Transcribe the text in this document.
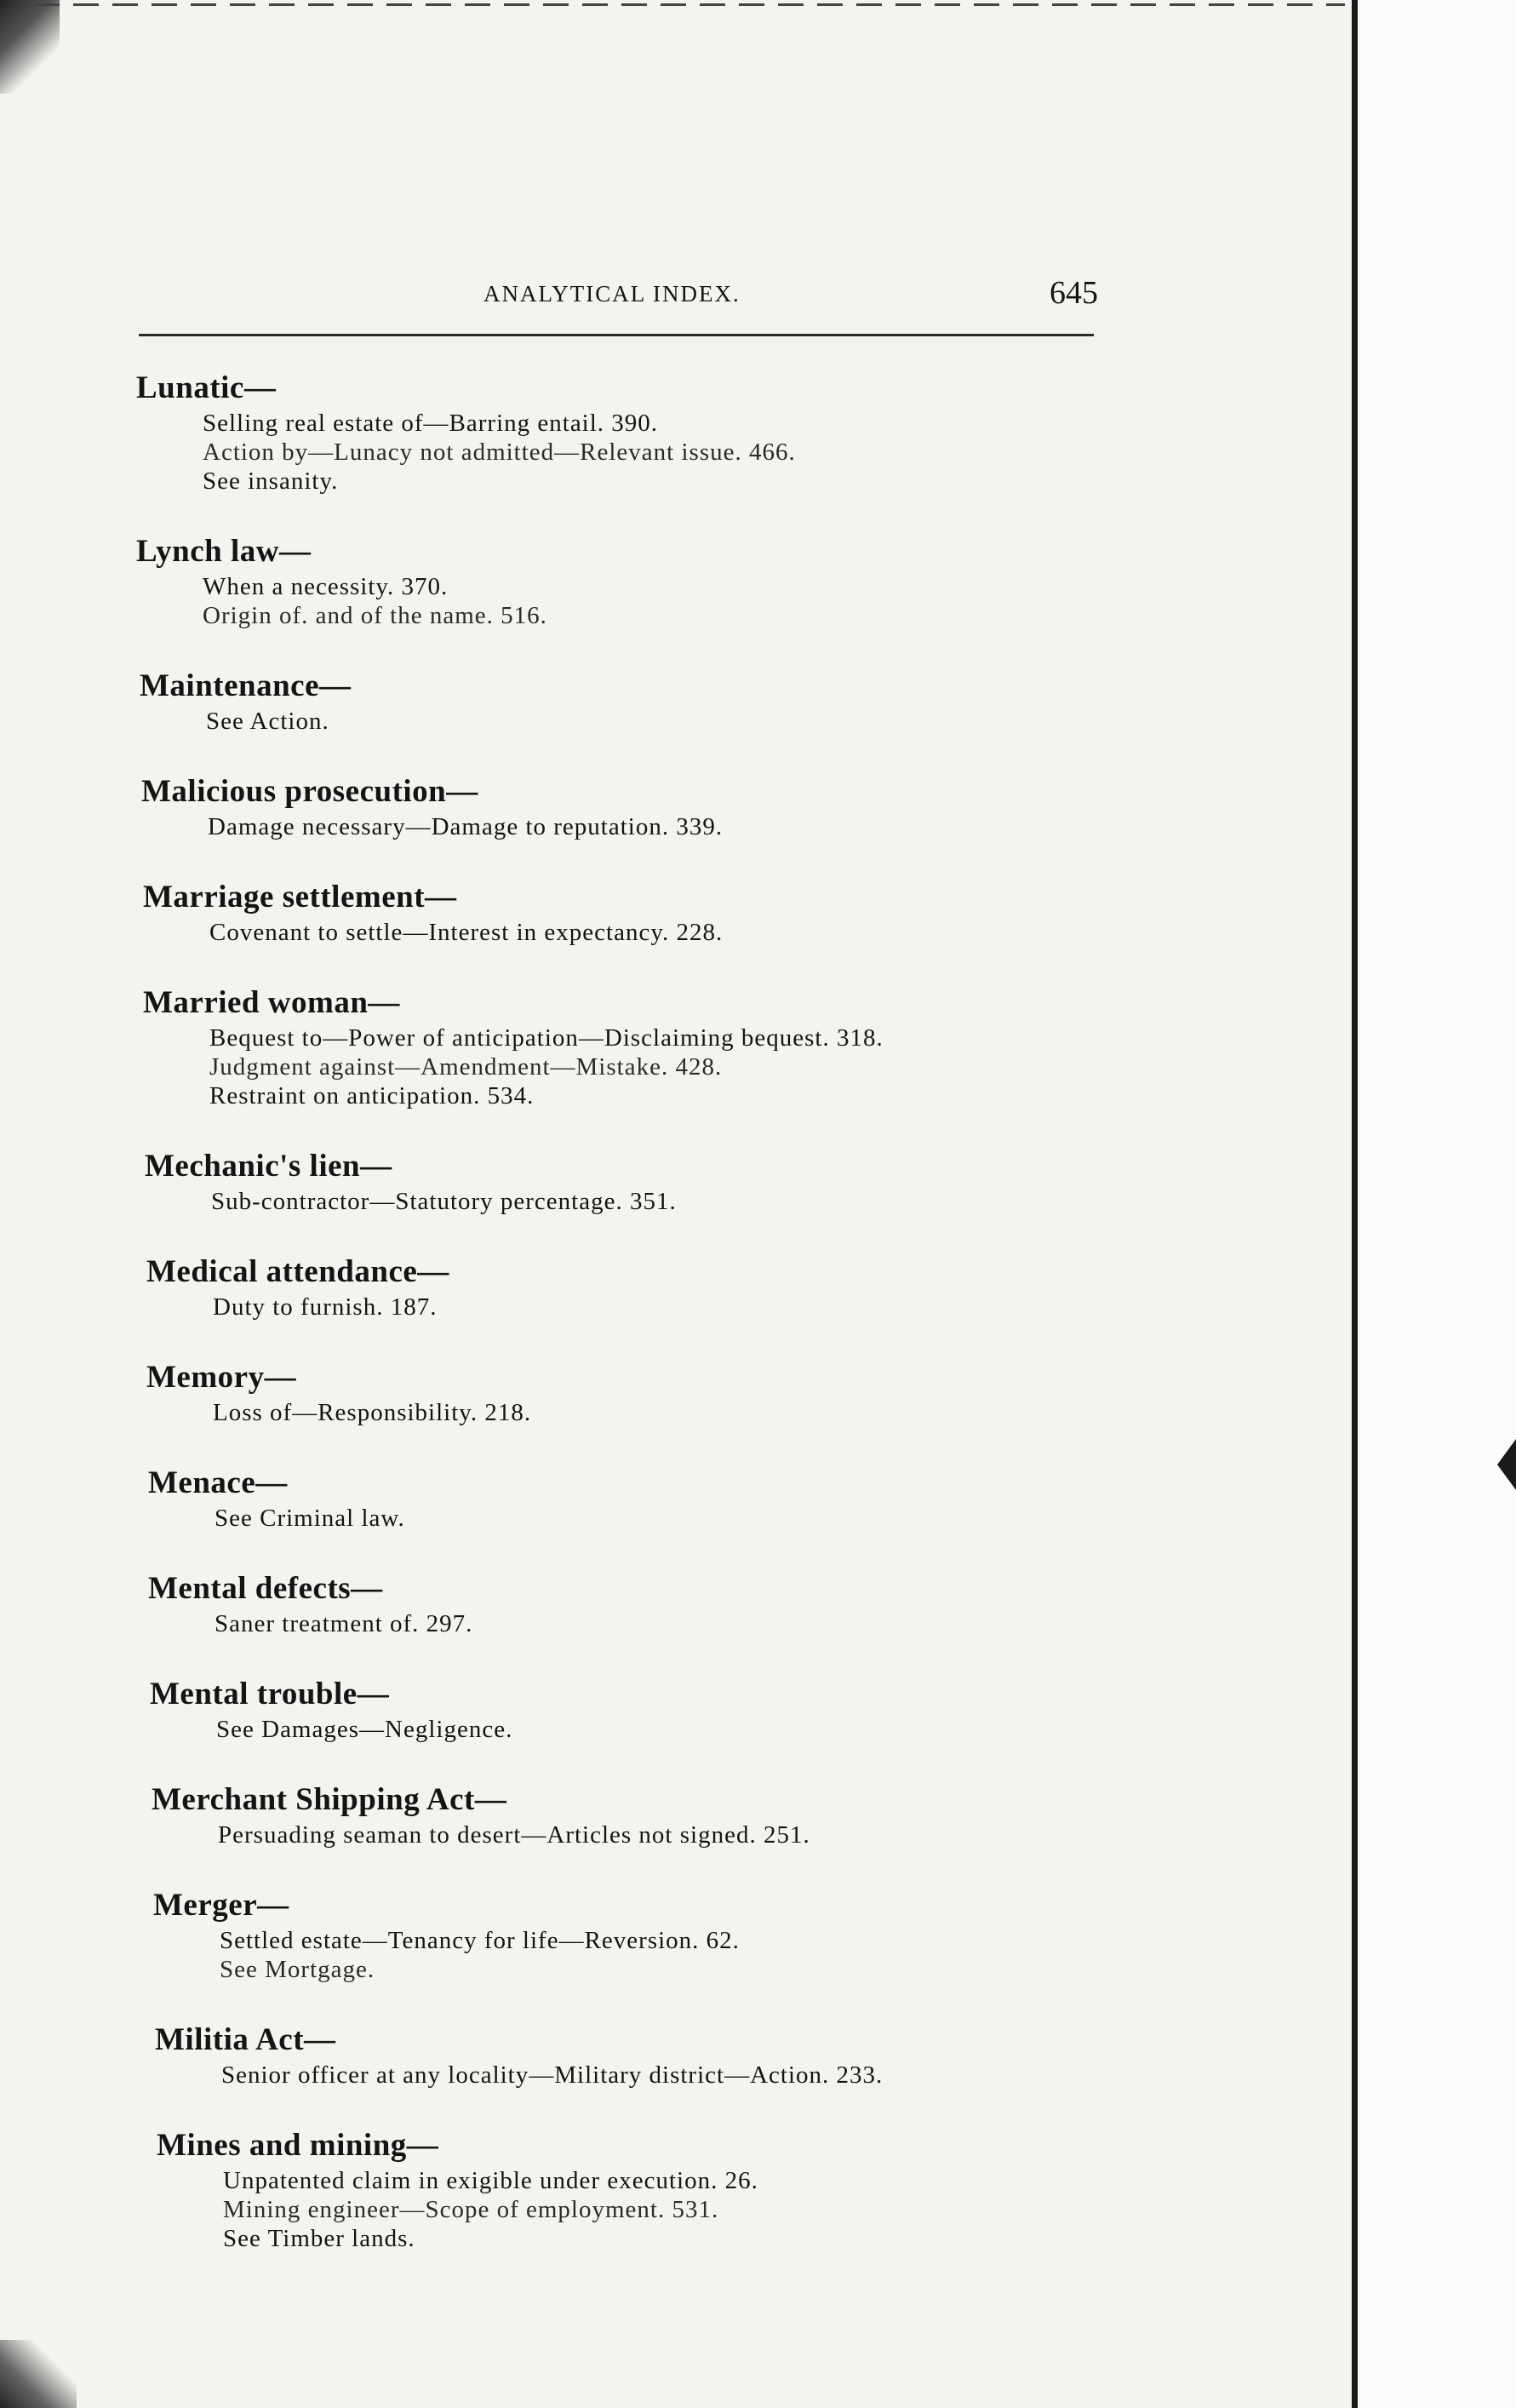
ANALYTICAL INDEX.	645
Lunatic—
Selling real estate of—Barring entail. 390.
Action by—Lunacy not admitted—Relevant issue. 466.
See insanity.
Lynch law—
When a necessity. 370.
Origin of. and of the name. 516.
Maintenance—
See Action.
Malicious prosecution—
Damage necessary—Damage to reputation. 339.
Marriage settlement—
Covenant to settle—Interest in expectancy. 228.
Married woman—
Bequest to—Power of anticipation—Disclaiming bequest. 318.
Judgment against—Amendment—Mistake. 428.
Restraint on anticipation. 534.
Mechanic's lien—
Sub-contractor—Statutory percentage. 351.
Medical attendance—
Duty to furnish. 187.
Memory—
Loss of—Responsibility. 218.
Menace—
See Criminal law.
Mental defects—
Saner treatment of. 297.
Mental trouble—
See Damages—Negligence.
Merchant Shipping Act—
Persuading seaman to desert—Articles not signed. 251.
Merger—
Settled estate—Tenancy for life—Reversion. 62.
See Mortgage.
Militia Act—
Senior officer at any locality—Military district—Action. 233.
Mines and mining—
Unpatented claim in exigible under execution. 26.
Mining engineer—Scope of employment. 531.
See Timber lands.
